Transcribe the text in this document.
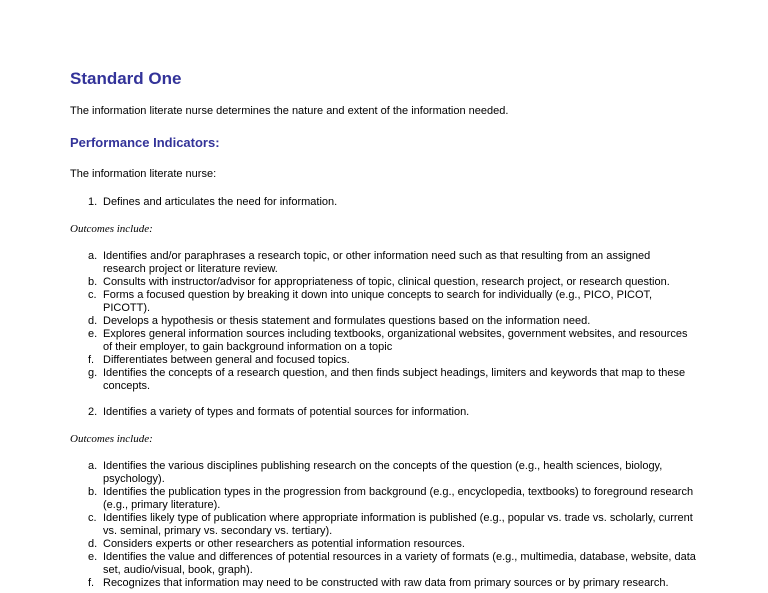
Standard One

The information literate nurse determines the nature and extent of the information needed.

Performance Indicators:

The information literate nurse:

1. Defines and articulates the need for information.

Outcomes include:

a. Identifies and/or paraphrases a research topic, or other information need such as that resulting from an assigned research project or literature review.
b. Consults with instructor/advisor for appropriateness of topic, clinical question, research project, or research question.
c. Forms a focused question by breaking it down into unique concepts to search for individually (e.g., PICO, PICOT, PICOTT).
d. Develops a hypothesis or thesis statement and formulates questions based on the information need.
e. Explores general information sources including textbooks, organizational websites, government websites, and resources of their employer, to gain background information on a topic
f. Differentiates between general and focused topics.
g. Identifies the concepts of a research question, and then finds subject headings, limiters and keywords that map to these concepts.
2. Identifies a variety of types and formats of potential sources for information.

Outcomes include:

a. Identifies the various disciplines publishing research on the concepts of the question (e.g., health sciences, biology, psychology).
b. Identifies the publication types in the progression from background (e.g., encyclopedia, textbooks) to foreground research (e.g., primary literature).
c. Identifies likely type of publication where appropriate information is published (e.g., popular vs. trade vs. scholarly, current vs. seminal, primary vs. secondary vs. tertiary).
d. Considers experts or other researchers as potential information resources.
e. Identifies the value and differences of potential resources in a variety of formats (e.g., multimedia, database, website, data set, audio/visual, book, graph).
f. Recognizes that information may need to be constructed with raw data from primary sources or by primary research.
